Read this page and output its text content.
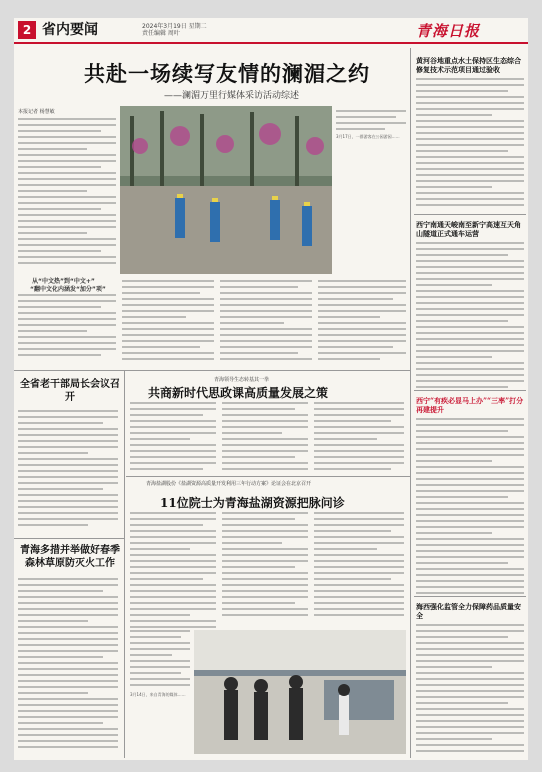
2 省内要闻	2024年3月19日 星期二
责任编辑 周叶	青海日报
共赴一场续写友情的澜湄之约
——澜湄万里行媒体采访活动综述
本报记者 杨慧敏
从“中文热”到“中文+”
“翻中文化内涵发“加分”项”
3月17日，一群游客在公园游园……
黄河谷地重点水土保持区生态综合修复技术示范项目通过验收
西宁南通天峻南至新宁高速互天角山隧道正式通车运营
西宁“有疾必显马上办”“三率”打分再建提升
海西强化监管全力保障药品质量安全
全省老干部局长会议召开
青海多措并举做好春季森林草原防灭火工作
青海领导生态转基其一拳
共商新时代思政课高质量发展之策
青海盐湖股份《盐湖资源高质量开发利用三年行动方案》论证会在北京召开
11位院士为青海盐湖资源把脉问诊
3月14日，来自青海的媒体……
